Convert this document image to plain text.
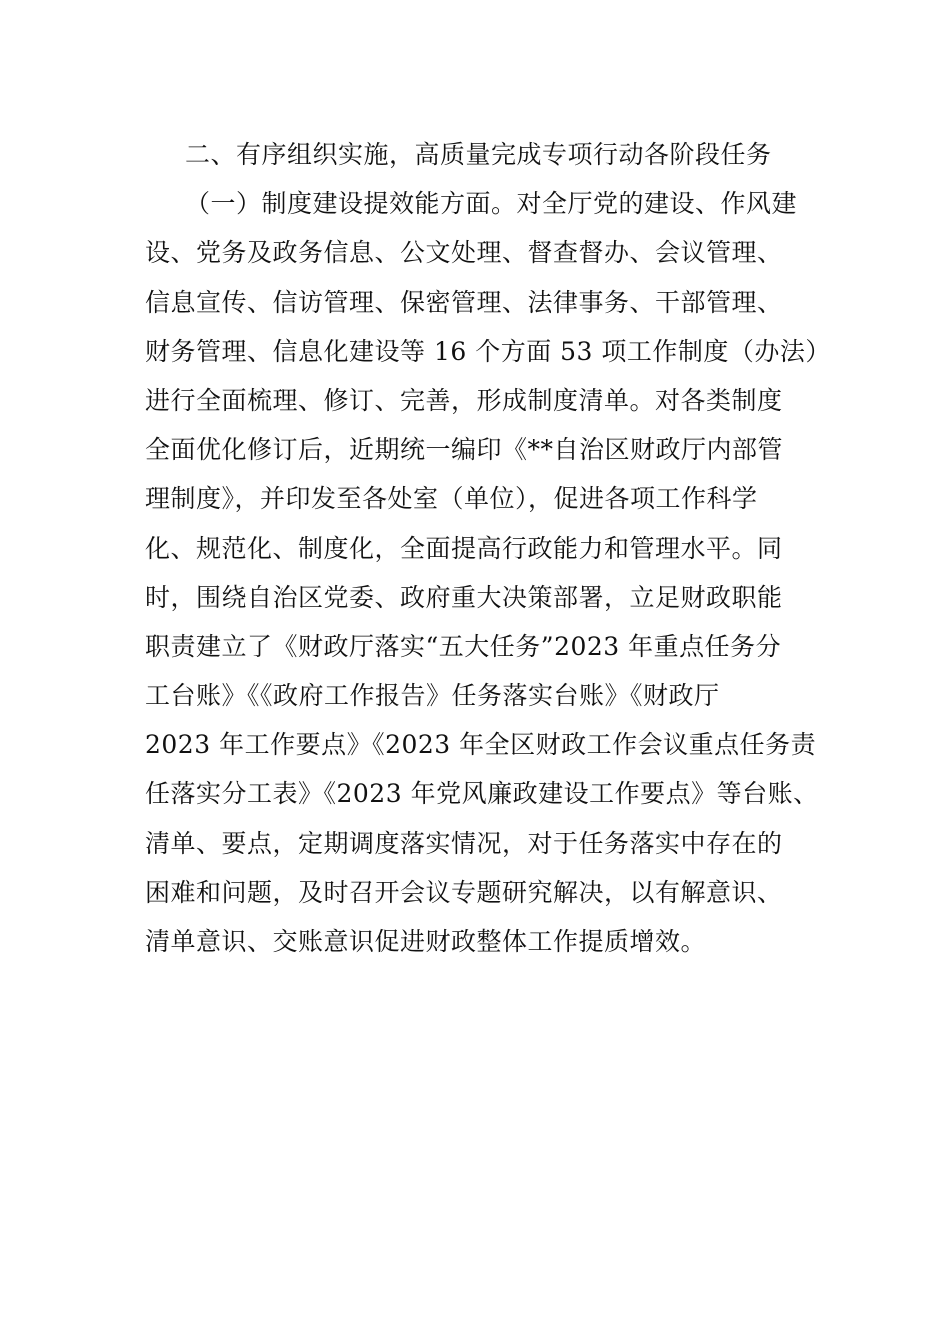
二、有序组织实施，高质量完成专项行动各阶段任务
（一）制度建设提效能方面。对全厅党的建设、作风建
设、党务及政务信息、公文处理、督查督办、会议管理、
信息宣传、信访管理、保密管理、法律事务、干部管理、
财务管理、信息化建设等 16 个方面 53 项工作制度（办法）
进行全面梳理、修订、完善，形成制度清单。对各类制度
全面优化修订后，近期统一编印《**自治区财政厅内部管
理制度》，并印发至各处室（单位），促进各项工作科学
化、规范化、制度化，全面提高行政能力和管理水平。同
时，围绕自治区党委、政府重大决策部署，立足财政职能
职责建立了《财政厅落实“五大任务”2023 年重点任务分
工台账》《《政府工作报告》任务落实台账》《财政厅
2023 年工作要点》《2023 年全区财政工作会议重点任务责
任落实分工表》《2023 年党风廉政建设工作要点》等台账、
清单、要点，定期调度落实情况，对于任务落实中存在的
困难和问题，及时召开会议专题研究解决，以有解意识、
清单意识、交账意识促进财政整体工作提质增效。
